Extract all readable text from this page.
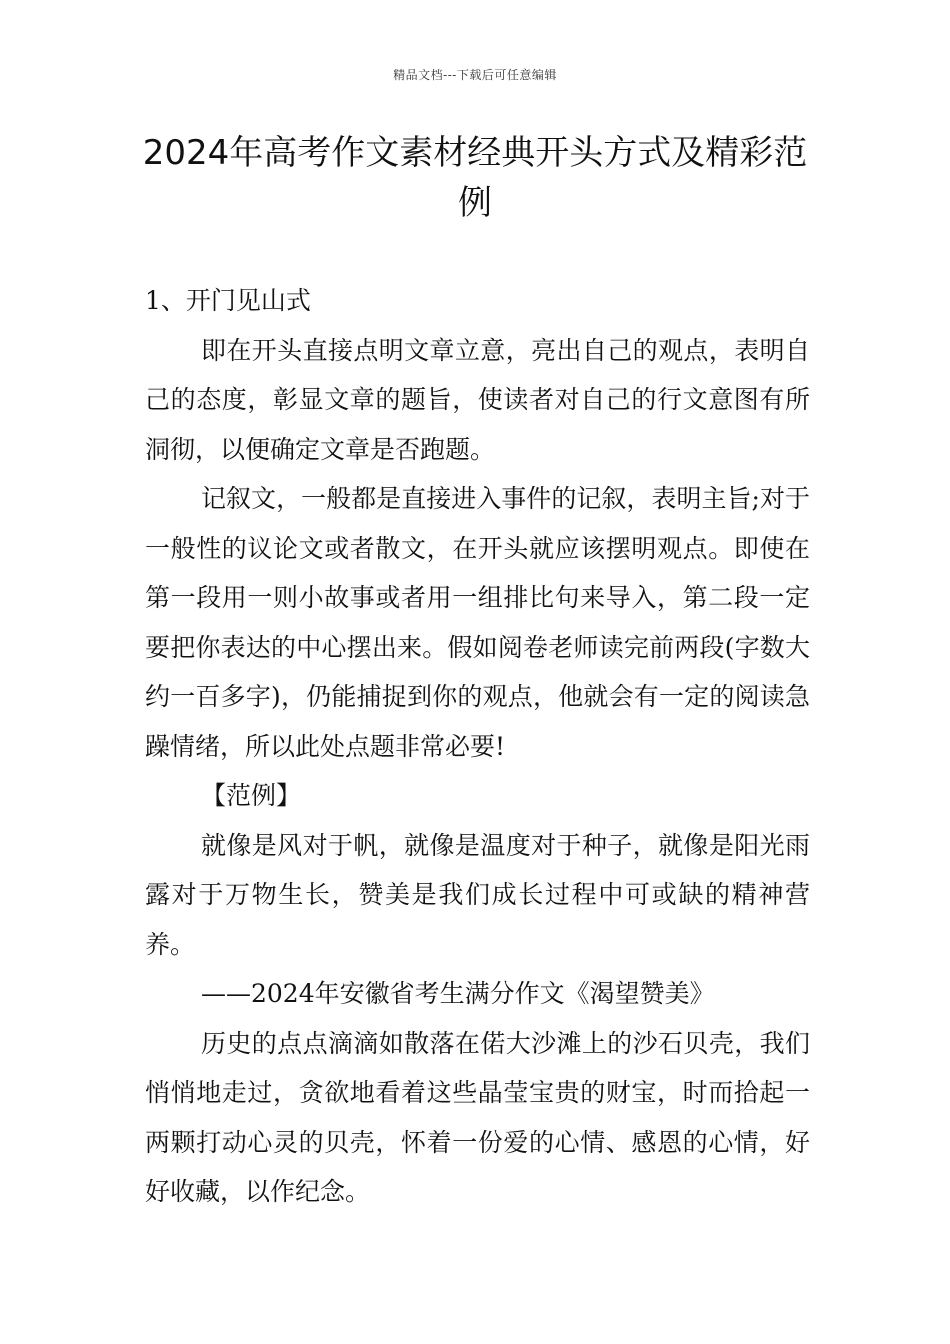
精品文档---下载后可任意编辑
2024年高考作文素材经典开头方式及精彩范例

1、开门见山式

即在开头直接点明文章立意，亮出自己的观点，表明自己的态度，彰显文章的题旨，使读者对自己的行文意图有所洞彻，以便确定文章是否跑题。

记叙文，一般都是直接进入事件的记叙，表明主旨;对于一般性的议论文或者散文，在开头就应该摆明观点。即使在第一段用一则小故事或者用一组排比句来导入，第二段一定要把你表达的中心摆出来。假如阅卷老师读完前两段(字数大约一百多字)，仍能捕捉到你的观点，他就会有一定的阅读急躁情绪，所以此处点题非常必要!

【范例】

就像是风对于帆，就像是温度对于种子，就像是阳光雨露对于万物生长，赞美是我们成长过程中可或缺的精神营养。

——2024年安徽省考生满分作文《渴望赞美》

历史的点点滴滴如散落在偌大沙滩上的沙石贝壳，我们悄悄地走过，贪欲地看着这些晶莹宝贵的财宝，时而拾起一两颗打动心灵的贝壳，怀着一份爱的心情、感恩的心情，好好收藏，以作纪念。
